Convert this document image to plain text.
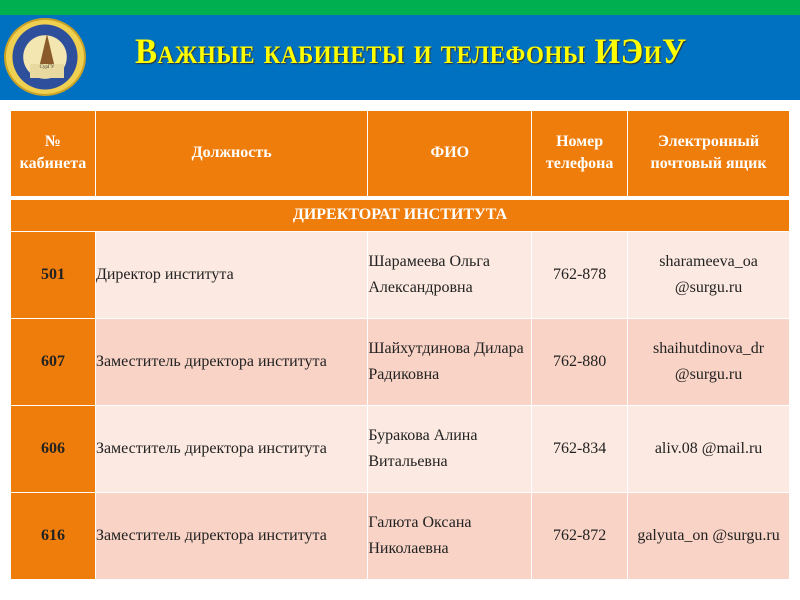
СурГУ Важные кабинеты и телефоны ИЭиУ
№ кабинета	Должность	ФИО	Номер телефона	Электронный почтовый ящик
ДИРЕКТОРАТ ИНСТИТУТА				
501	Директор института	Шарамеева Ольга Александровна	762-878	sharameeva_oa @surgu.ru
607	Заместитель директора института	Шайхутдинова Дилара Радиковна	762-880	shaihutdinova_dr @surgu.ru
606	Заместитель директора института	Буракова Алина Витальевна	762-834	aliv.08 @mail.ru
616	Заместитель директора института	Галюта Оксана Николаевна	762-872	galyuta_on @surgu.ru
